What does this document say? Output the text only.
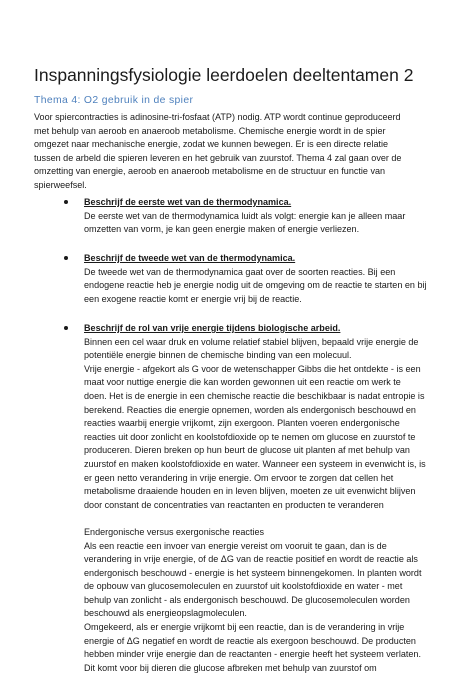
Inspanningsfysiologie leerdoelen deeltentamen 2
Thema 4: O2 gebruik in de spier
Voor spiercontracties is adinosine-tri-fosfaat (ATP) nodig. ATP wordt continue geproduceerd
met behulp van aeroob en anaeroob metabolisme. Chemische energie wordt in de spier
omgezet naar mechanische energie, zodat we kunnen bewegen. Er is een directe relatie
tussen de arbeld die spieren leveren en het gebruik van zuurstof. Thema 4 zal gaan over de
omzetting van energie, aeroob en anaeroob metabolisme en de structuur en functie van
spierweefsel.
Beschrijf de eerste wet van de thermodynamica.
De eerste wet van de thermodynamica luidt als volgt: energie kan je alleen maar
omzetten van vorm, je kan geen energie maken of energie verliezen.
Beschrijf de tweede wet van de thermodynamica.
De tweede wet van de thermodynamica gaat over de soorten reacties. Bij een
endogene reactie heb je energie nodig uit de omgeving om de reactie te starten en bij
een exogene reactie komt er energie vrij bij de reactie.
Beschrijf de rol van vrije energie tijdens biologische arbeid.
Binnen een cel waar druk en volume relatief stabiel blijven, bepaald vrije energie de
potentiële energie binnen de chemische binding van een molecuul.
Vrije energie - afgekort als G voor de wetenschapper Gibbs die het ontdekte - is een
maat voor nuttige energie die kan worden gewonnen uit een reactie om werk te
doen. Het is de energie in een chemische reactie die beschikbaar is nadat entropie is
berekend. Reacties die energie opnemen, worden als endergonisch beschouwd en
reacties waarbij energie vrijkomt, zijn exergoon. Planten voeren endergonische
reacties uit door zonlicht en koolstofdioxide op te nemen om glucose en zuurstof te
produceren. Dieren breken op hun beurt de glucose uit planten af met behulp van
zuurstof en maken koolstofdioxide en water. Wanneer een systeem in evenwicht is, is
er geen netto verandering in vrije energie. Om ervoor te zorgen dat cellen het
metabolisme draaiende houden en in leven blijven, moeten ze uit evenwicht blijven
door constant de concentraties van reactanten en producten te veranderen
Endergonische versus exergonische reacties
Als een reactie een invoer van energie vereist om vooruit te gaan, dan is de
verandering in vrije energie, of de ΔG van de reactie positief en wordt de reactie als
endergonisch beschouwd - energie is het systeem binnengekomen. In planten wordt
de opbouw van glucosemoleculen en zuurstof uit koolstofdioxide en water - met
behulp van zonlicht - als endergonisch beschouwd. De glucosemoleculen worden
beschouwd als energieopslagmoleculen.
Omgekeerd, als er energie vrijkomt bij een reactie, dan is de verandering in vrije
energie of ΔG negatief en wordt de reactie als exergoon beschouwd. De producten
hebben minder vrije energie dan de reactanten - energie heeft het systeem verlaten.
Dit komt voor bij dieren die glucose afbreken met behulp van zuurstof om
